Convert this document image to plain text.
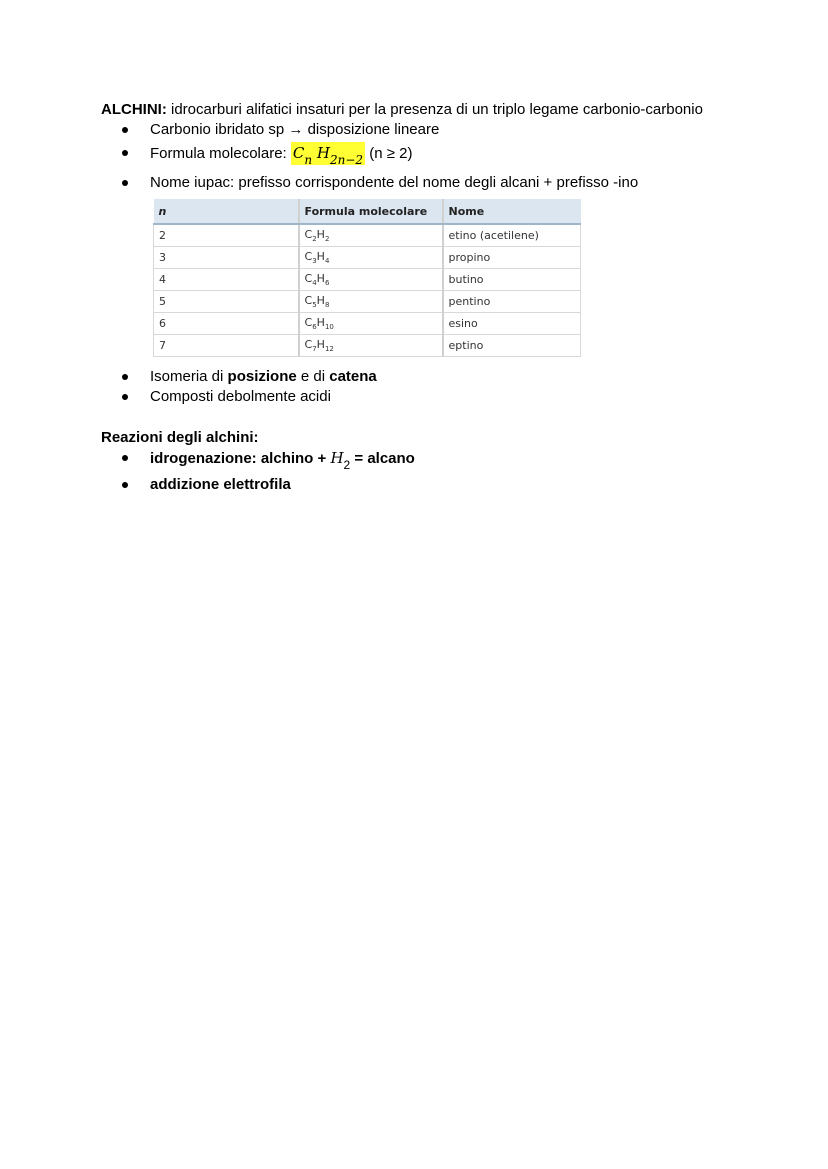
ALCHINI: idrocarburi alifatici insaturi per la presenza di un triplo legame carbonio-carbonio
Carbonio ibridato sp → disposizione lineare
Formula molecolare: $C_n$ $H_{2n-2}$ (n ≥ 2)
Nome iupac: prefisso corrispondente del nome degli alcani + prefisso -ino
n	Formula molecolare	Nome
2	$C_2H_2$	etino (acetilene)
3	$C_3H_4$	propino
4	$C_4H_6$	butino
5	$C_5H_8$	pentino
6	$C_6H_{10}$	esino
7	$C_7H_{12}$	eptino
Isomeria di posizione e di catena
Composti debolmente acidi
Reazioni degli alchini:
idrogenazione: alchino + $H_2$ = alcano
addizione elettrofila
